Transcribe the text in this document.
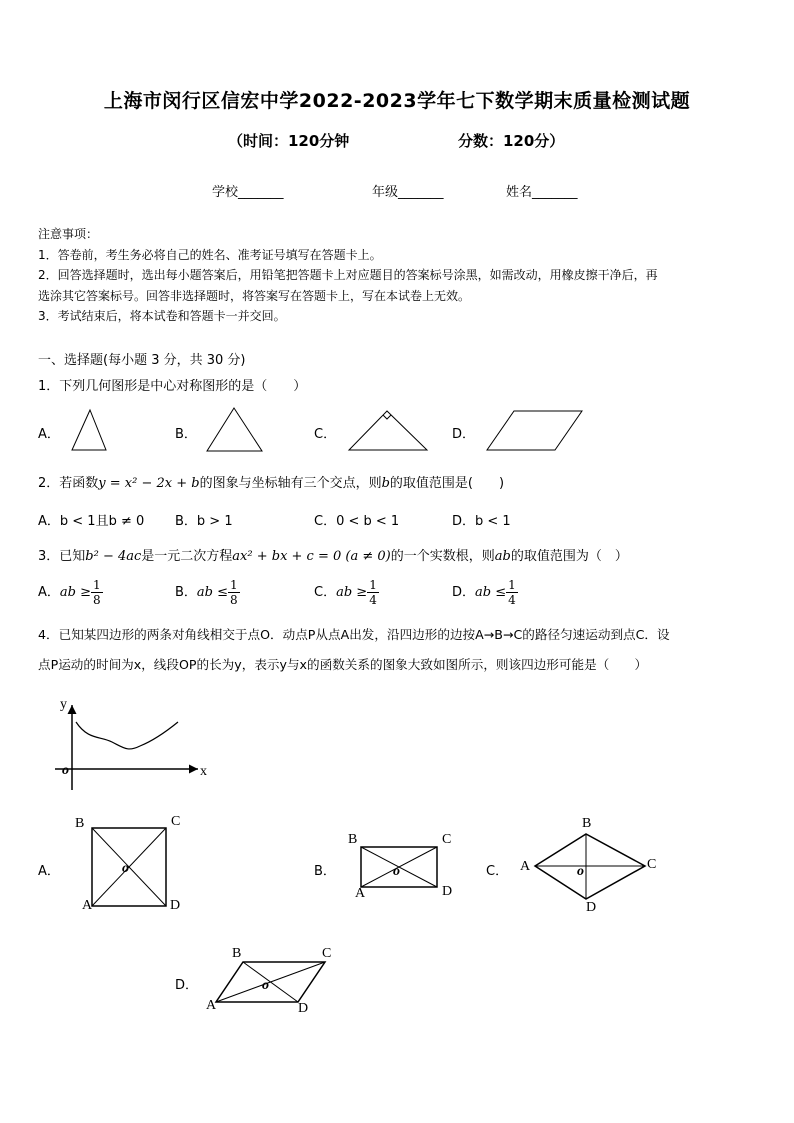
上海市闵行区信宏中学2022-2023学年七下数学期末质量检测试题
（时间：120分钟	分数：120分）
学校_______	年级_______	姓名_______
注意事项：
1．答卷前，考生务必将自己的姓名、准考证号填写在答题卡上。
2．回答选择题时，选出每小题答案后，用铅笔把答题卡上对应题目的答案标号涂黑，如需改动，用橡皮擦干净后，再
选涂其它答案标号。回答非选择题时，将答案写在答题卡上，写在本试卷上无效。
3．考试结束后，将本试卷和答题卡一并交回。
一、选择题(每小题 3 分，共 30 分)
1．下列几何图形是中心对称图形的是（　　）
A．	B．	C．	D．
2．若函数y = x² − 2x + b的图象与坐标轴有三个交点，则b的取值范围是(　　)
A．b < 1且b ≠ 0 B．b > 1	C．0 < b < 1	D．b < 1
3．已知b² − 4ac是一元二次方程ax² + bx + c = 0 (a ≠ 0)的一个实数根，则ab的取值范围为（　）
A．ab ≥ $\frac{1}{8}$	B．ab ≤ $\frac{1}{8}$	C．ab ≥ $\frac{1}{4}$	D．ab ≤ $\frac{1}{4}$
4．已知某四边形的两条对角线相交于点O．动点P从点A出发，沿四边形的边按A→B→C的路径匀速运动到点C．设
点P运动的时间为x，线段OP的长为y，表示y与x的函数关系的图象大致如图所示，则该四边形可能是（　　）
y
x
o
A．	B．	C．
D．
B	C
A	D
o
B	C
A	D
o
B
C
A
D
o
B	C
A	D
o
